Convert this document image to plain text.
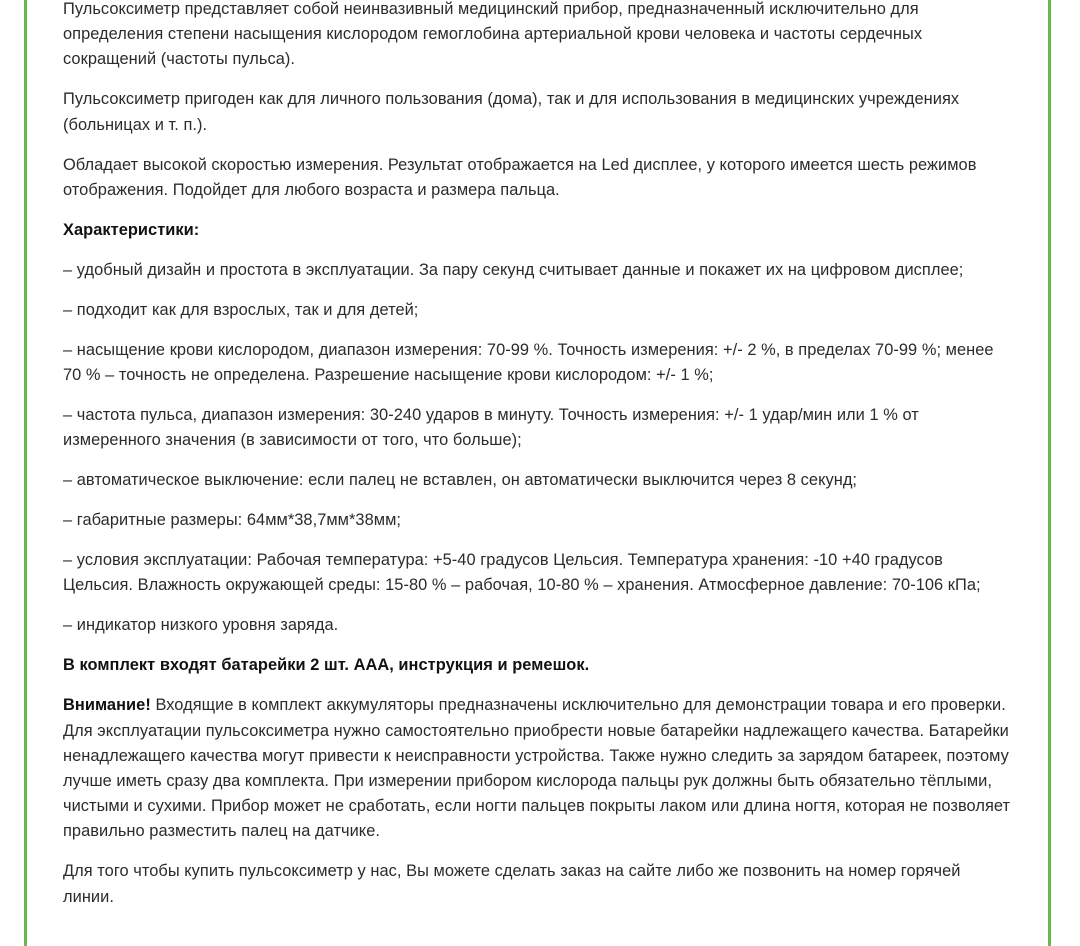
Пульсоксиметр представляет собой неинвазивный медицинский прибор, предназначенный исключительно для определения степени насыщения кислородом гемоглобина артериальной крови человека и частоты сердечных сокращений (частоты пульса).

Пульсоксиметр пригоден как для личного пользования (дома), так и для использования в медицинских учреждениях (больницах и т. п.).

Обладает высокой скоростью измерения. Результат отображается на Led дисплее, у которого имеется шесть режимов отображения. Подойдет для любого возраста и размера пальца.

Характеристики:

– удобный дизайн и простота в эксплуатации. За пару секунд считывает данные и покажет их на цифровом дисплее;

– подходит как для взрослых, так и для детей;

– насыщение крови кислородом, диапазон измерения: 70-99 %. Точность измерения: +/- 2 %, в пределах 70-99 %; менее 70 % – точность не определена. Разрешение насыщение крови кислородом: +/- 1 %;

– частота пульса, диапазон измерения: 30-240 ударов в минуту. Точность измерения: +/- 1 удар/мин или 1 % от измеренного значения (в зависимости от того, что больше);

– автоматическое выключение: если палец не вставлен, он автоматически выключится через 8 секунд;

– габаритные размеры: 64мм*38,7мм*38мм;

– условия эксплуатации: Рабочая температура: +5-40 градусов Цельсия. Температура хранения: -10 +40 градусов Цельсия. Влажность окружающей среды: 15-80 % – рабочая, 10-80 % – хранения. Атмосферное давление: 70-106 кПа;

– индикатор низкого уровня заряда.

В комплект входят батарейки 2 шт. ААА, инструкция и ремешок.

Внимание! Входящие в комплект аккумуляторы предназначены исключительно для демонстрации товара и его проверки. Для эксплуатации пульсоксиметра нужно самостоятельно приобрести новые батарейки надлежащего качества. Батарейки ненадлежащего качества могут привести к неисправности устройства. Также нужно следить за зарядом батареек, поэтому лучше иметь сразу два комплекта. При измерении прибором кислорода пальцы рук должны быть обязательно тёплыми, чистыми и сухими. Прибор может не сработать, если ногти пальцев покрыты лаком или длина ногтя, которая не позволяет правильно разместить палец на датчике.

Для того чтобы купить пульсоксиметр у нас, Вы можете сделать заказ на сайте либо же позвонить на номер горячей линии.
